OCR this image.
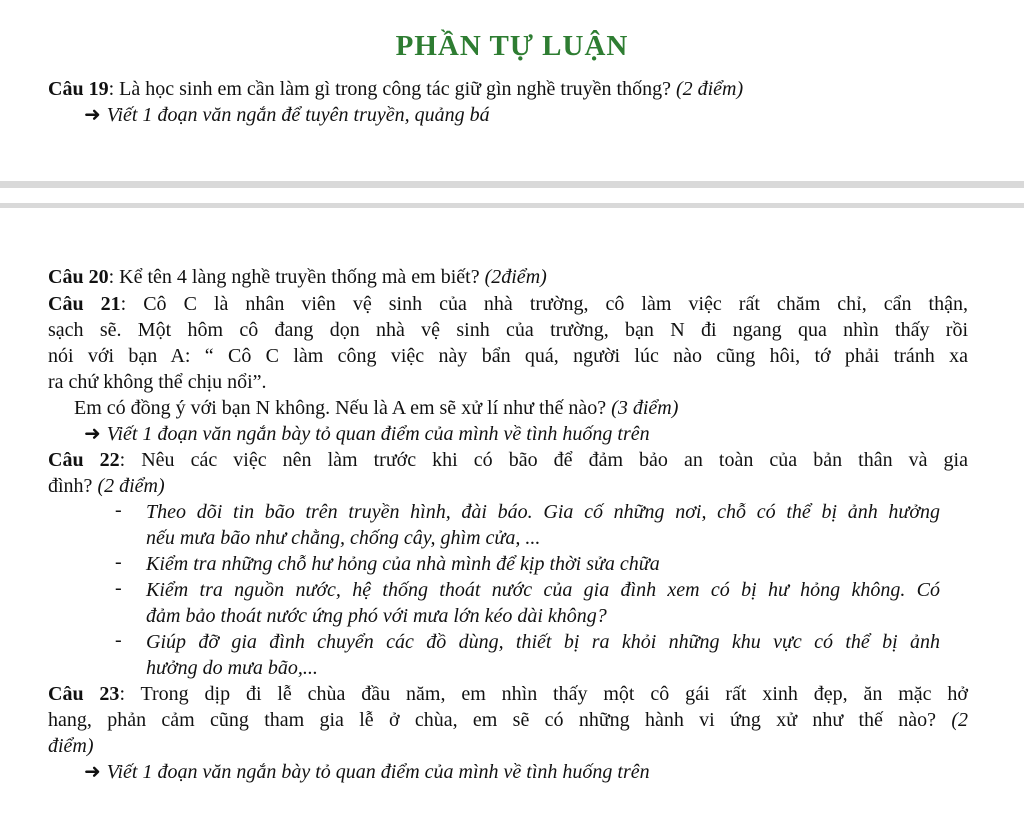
PHẦN TỰ LUẬN
Câu 19: Là học sinh em cần làm gì trong công tác giữ gìn nghề truyền thống? (2 điểm)
➜ Viết 1 đoạn văn ngắn để tuyên truyền, quảng bá
Câu 20: Kể tên 4 làng nghề truyền thống mà em biết? (2điểm)
Câu 21: Cô C là nhân viên vệ sinh của nhà trường, cô làm việc rất chăm chỉ, cẩn thận,
sạch sẽ. Một hôm cô đang dọn nhà vệ sinh của trường, bạn N đi ngang qua nhìn thấy rồi
nói với bạn A: “ Cô C làm công việc này bẩn quá, người lúc nào cũng hôi, tớ phải tránh xa
ra chứ không thể chịu nổi”.
Em có đồng ý với bạn N không. Nếu là A em sẽ xử lí như thế nào? (3 điểm)
➜ Viết 1 đoạn văn ngắn bày tỏ quan điểm của mình về tình huống trên
Câu 22: Nêu các việc nên làm trước khi có bão để đảm bảo an toàn của bản thân và gia
đình? (2 điểm)
- Theo dõi tin bão trên truyền hình, đài báo. Gia cố những nơi, chỗ có thể bị ảnh hưởng
nếu mưa bão như chằng, chống cây, ghìm cửa, ...
- Kiểm tra những chỗ hư hỏng của nhà mình để kịp thời sửa chữa
- Kiểm tra nguồn nước, hệ thống thoát nước của gia đình xem có bị hư hỏng không. Có
đảm bảo thoát nước ứng phó với mưa lớn kéo dài không?
- Giúp đỡ gia đình chuyển các đồ dùng, thiết bị ra khỏi những khu vực có thể bị ảnh
hưởng do mưa bão,...
Câu 23: Trong dịp đi lễ chùa đầu năm, em nhìn thấy một cô gái rất xinh đẹp, ăn mặc hở
hang, phản cảm cũng tham gia lễ ở chùa, em sẽ có những hành vi ứng xử như thế nào? (2
điểm)
➜ Viết 1 đoạn văn ngắn bày tỏ quan điểm của mình về tình huống trên
